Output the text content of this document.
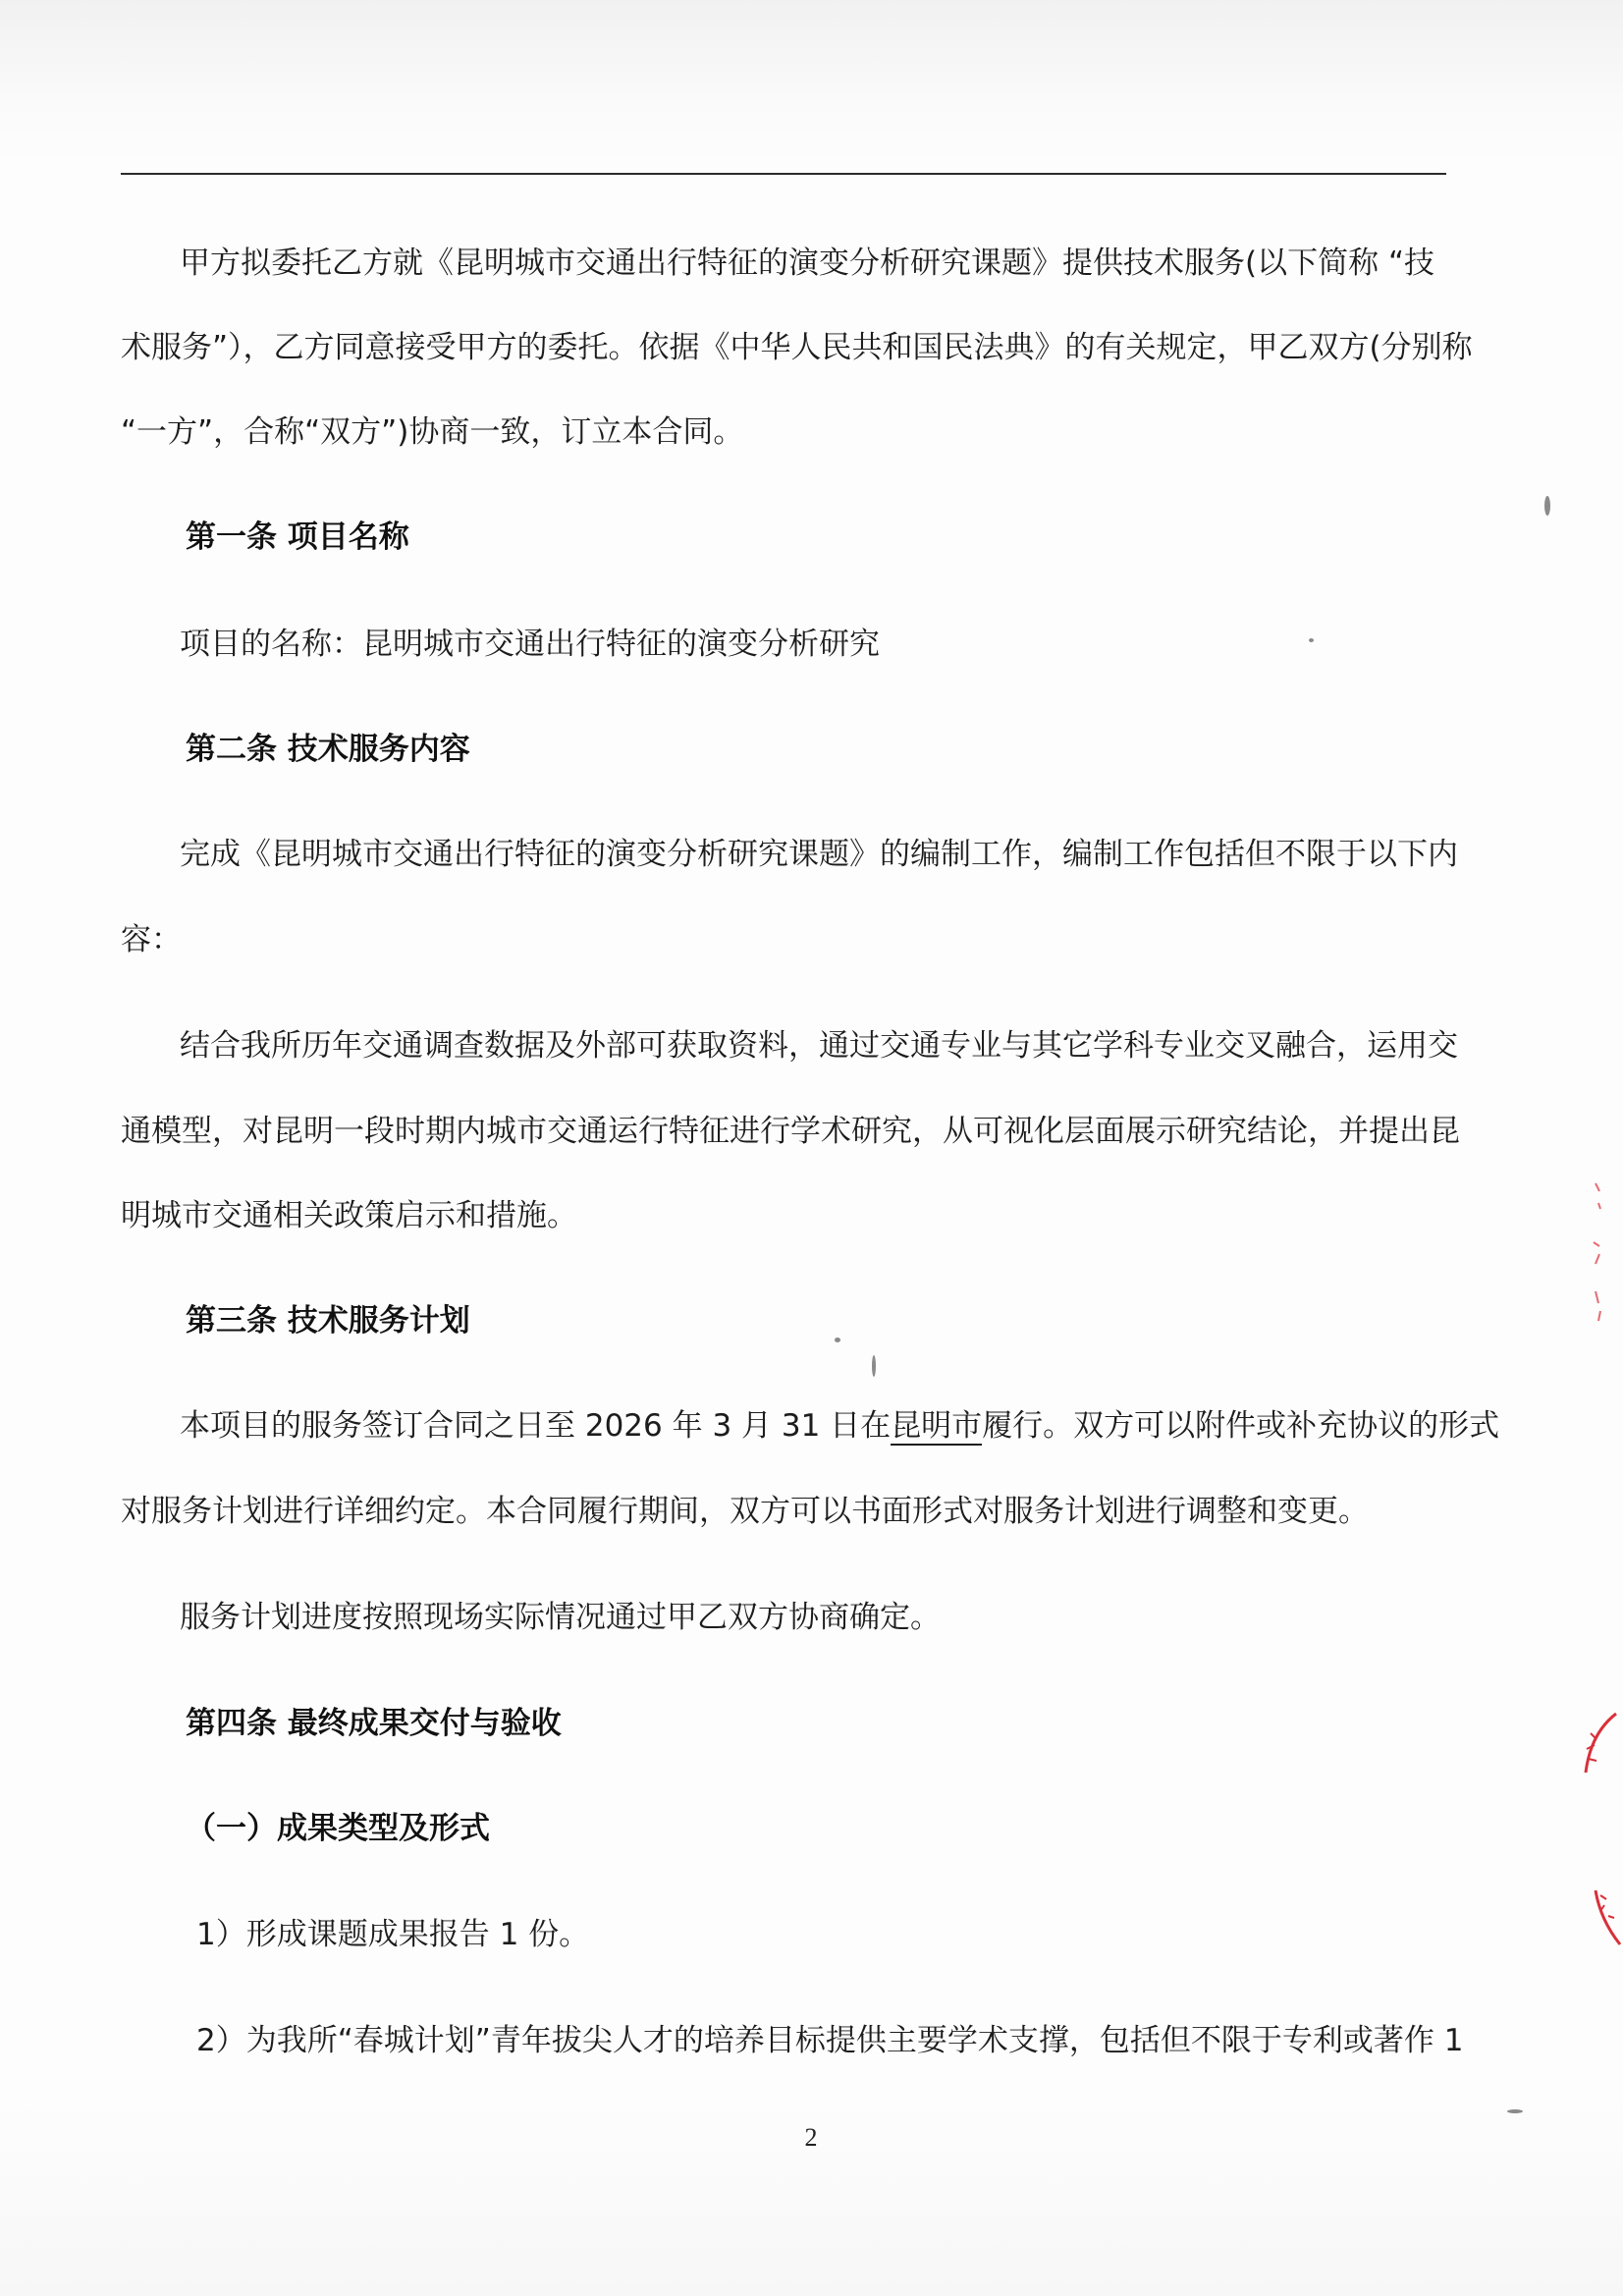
甲方拟委托乙方就《昆明城市交通出行特征的演变分析研究课题》提供技术服务(以下简称 “技
术服务”），乙方同意接受甲方的委托。依据《中华人民共和国民法典》的有关规定，甲乙双方(分别称
“一方”，合称“双方”)协商一致，订立本合同。
第一条 项目名称
项目的名称：昆明城市交通出行特征的演变分析研究
第二条 技术服务内容
完成《昆明城市交通出行特征的演变分析研究课题》的编制工作，编制工作包括但不限于以下内
容：
结合我所历年交通调查数据及外部可获取资料，通过交通专业与其它学科专业交叉融合，运用交
通模型，对昆明一段时期内城市交通运行特征进行学术研究，从可视化层面展示研究结论，并提出昆
明城市交通相关政策启示和措施。
第三条 技术服务计划
本项目的服务签订合同之日至 2026 年 3 月 31 日在昆明市履行。双方可以附件或补充协议的形式
对服务计划进行详细约定。本合同履行期间，双方可以书面形式对服务计划进行调整和变更。
服务计划进度按照现场实际情况通过甲乙双方协商确定。
第四条 最终成果交付与验收
（一）成果类型及形式
1）形成课题成果报告 1 份。
2）为我所“春城计划”青年拔尖人才的培养目标提供主要学术支撑，包括但不限于专利或著作 1
2
